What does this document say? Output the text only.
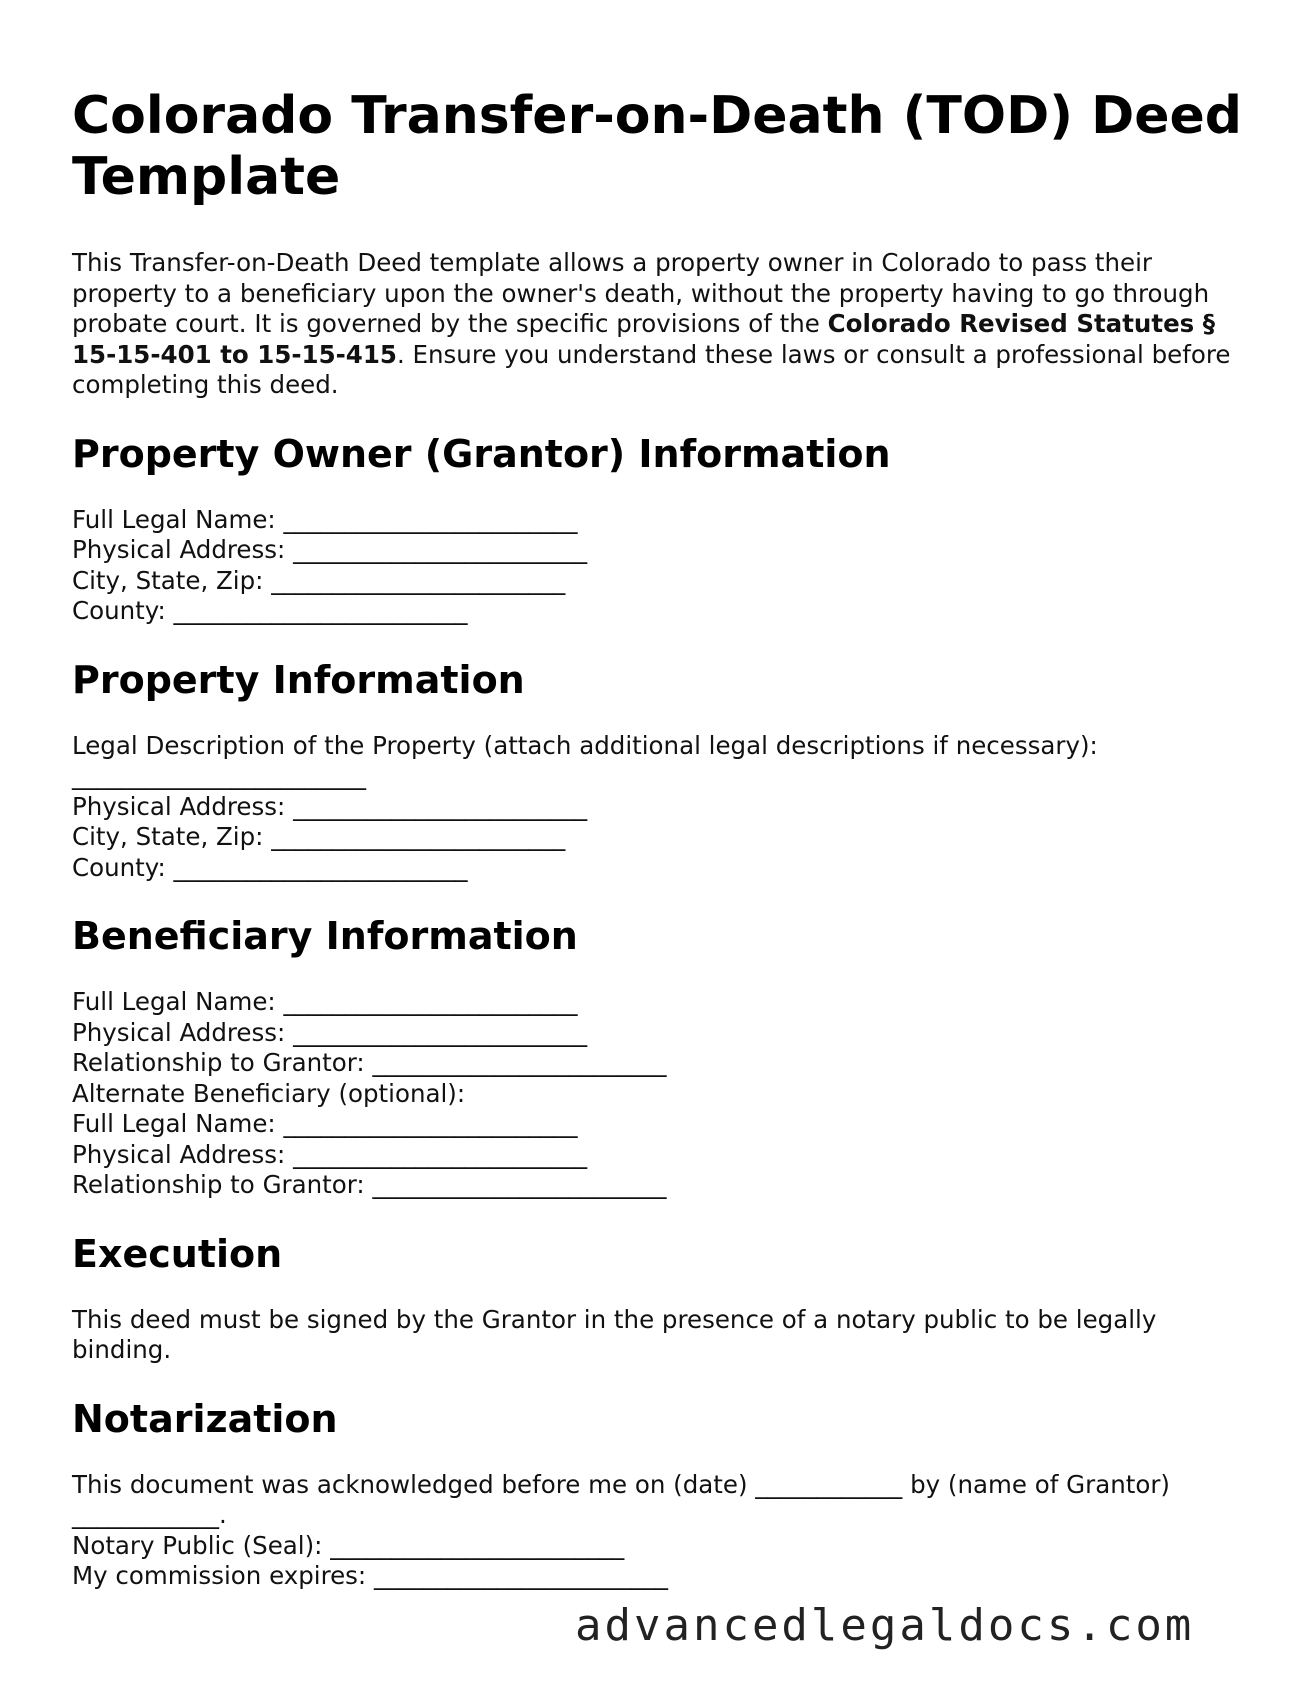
Colorado Transfer-on-Death (TOD) Deed Template

This Transfer-on-Death Deed template allows a property owner in Colorado to pass their property to a beneficiary upon the owner's death, without the property having to go through probate court. It is governed by the specific provisions of the Colorado Revised Statutes § 15-15-401 to 15-15-415. Ensure you understand these laws or consult a professional before completing this deed.

Property Owner (Grantor) Information

Full Legal Name: ________________________
Physical Address: ________________________
City, State, Zip: ________________________
County: ________________________

Property Information

Legal Description of the Property (attach additional legal descriptions if necessary):
________________________
Physical Address: ________________________
City, State, Zip: ________________________
County: ________________________

Beneficiary Information

Full Legal Name: ________________________
Physical Address: ________________________
Relationship to Grantor: ________________________
Alternate Beneficiary (optional):
Full Legal Name: ________________________
Physical Address: ________________________
Relationship to Grantor: ________________________

Execution

This deed must be signed by the Grantor in the presence of a notary public to be legally binding.

Notarization

This document was acknowledged before me on (date) ____________ by (name of Grantor) ____________.
Notary Public (Seal): ________________________
My commission expires: ________________________

advancedlegaldocs.com
